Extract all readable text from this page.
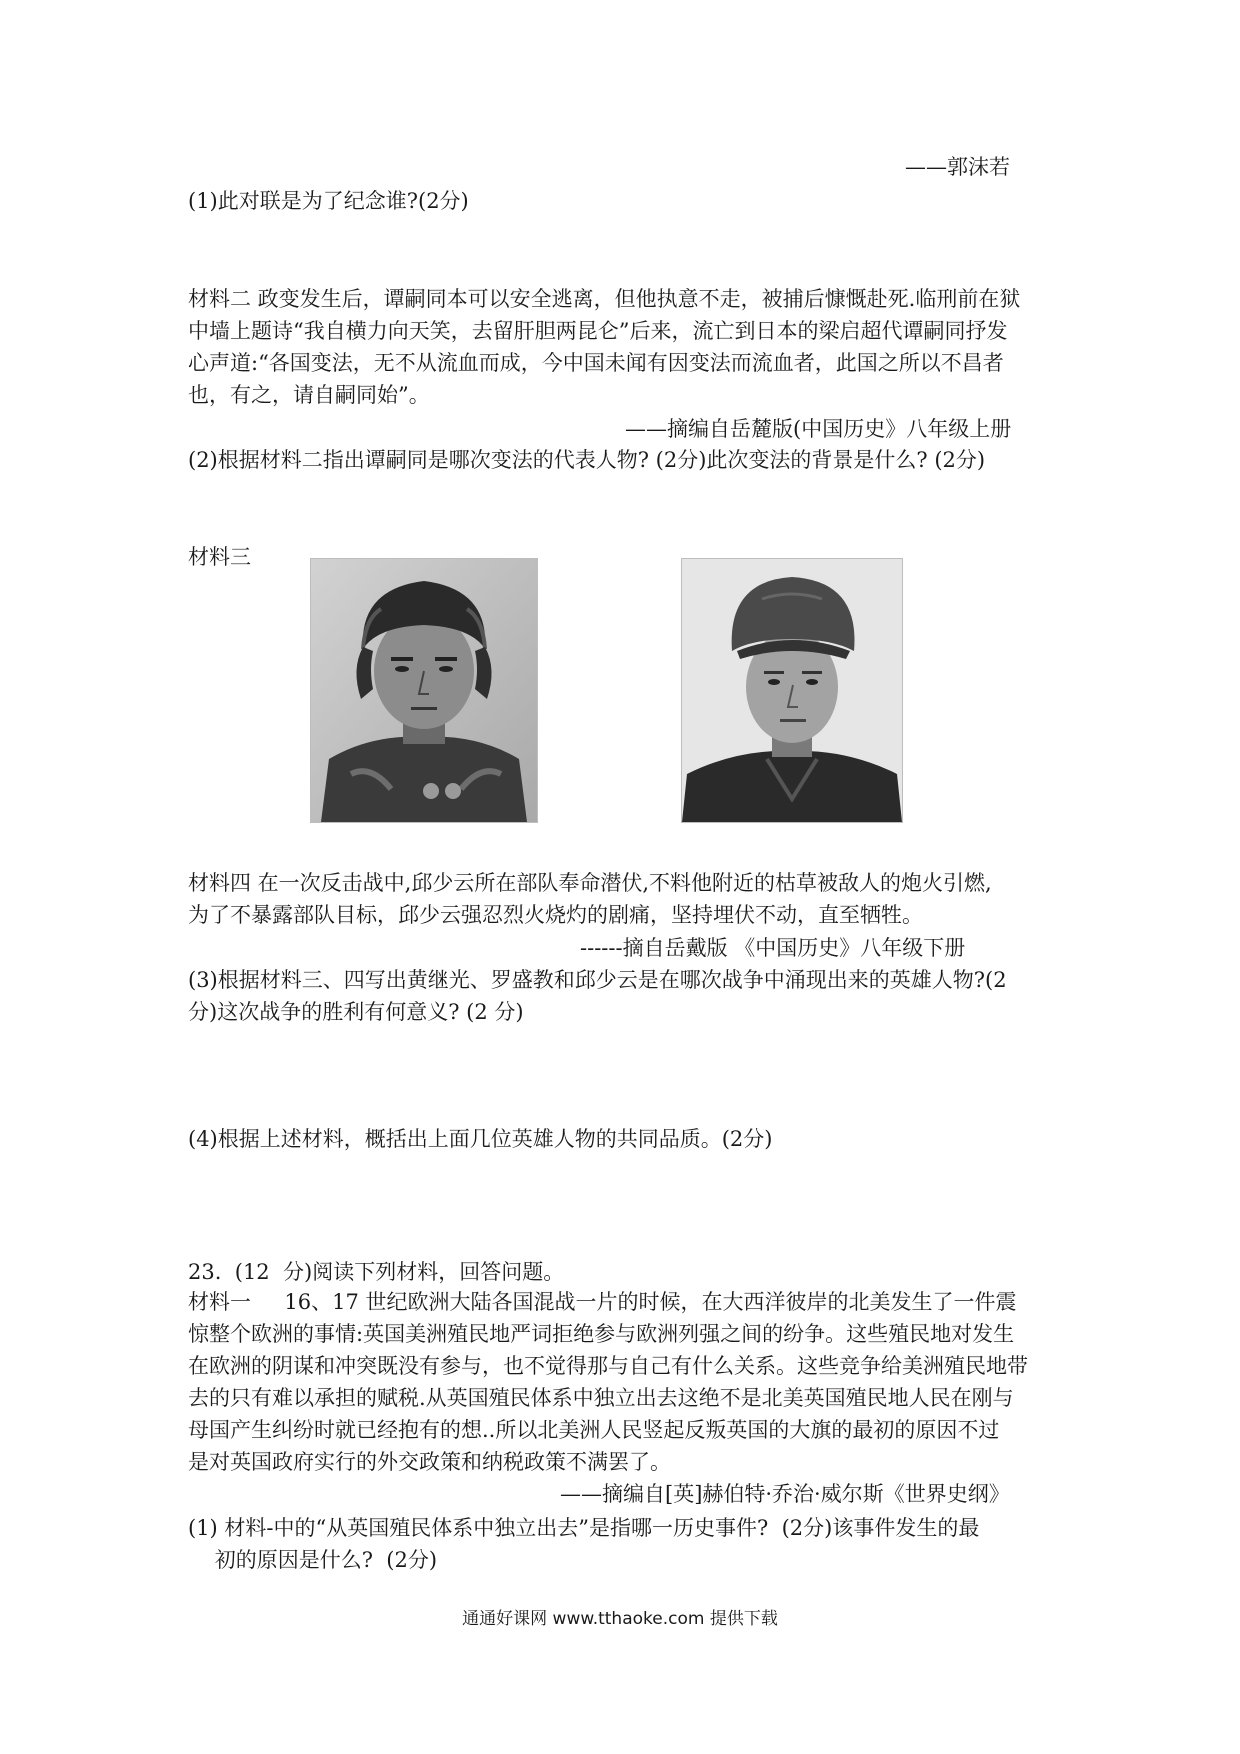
——郭沫若
(1)此对联是为了纪念谁?(2分)
材料二 政变发生后，谭嗣同本可以安全逃离，但他执意不走，被捕后慷慨赴死.临刑前在狱
中墙上题诗“我自横力向天笑，去留肝胆两昆仑”后来，流亡到日本的梁启超代谭嗣同抒发
心声道:“各国变法，无不从流血而成，今中国未闻有因变法而流血者，此国之所以不昌者
也，有之，请自嗣同始”。
——摘编自岳麓版(中国历史》八年级上册
(2)根据材料二指出谭嗣同是哪次变法的代表人物? (2分)此次变法的背景是什么? (2分)
材料三
材料四 在一次反击战中,邱少云所在部队奉命潜伏,不料他附近的枯草被敌人的炮火引燃,
为了不暴露部队目标，邱少云强忍烈火烧灼的剧痛，坚持埋伏不动，直至牺牲。
------摘自岳戴版 《中国历史》八年级下册
(3)根据材料三、四写出黄继光、罗盛教和邱少云是在哪次战争中涌现出来的英雄人物?(2
分)这次战争的胜利有何意义? (2 分)
(4)根据上述材料，概括出上面几位英雄人物的共同品质。(2分)
23.  (12  分)阅读下列材料，回答问题。
材料一     16、17 世纪欧洲大陆各国混战一片的时候，在大西洋彼岸的北美发生了一件震
惊整个欧洲的事情:英国美洲殖民地严词拒绝参与欧洲列强之间的纷争。这些殖民地对发生
在欧洲的阴谋和冲突既没有参与，也不觉得那与自己有什么关系。这些竞争给美洲殖民地带
去的只有难以承担的赋税.从英国殖民体系中独立出去这绝不是北美英国殖民地人民在刚与
母国产生纠纷时就已经抱有的想..所以北美洲人民竖起反叛英国的大旗的最初的原因不过
是对英国政府实行的外交政策和纳税政策不满罢了。
——摘编自[英]赫伯特·乔治·威尔斯《世界史纲》
(1) 材料-中的“从英国殖民体系中独立出去”是指哪一历史事件?  (2分)该事件发生的最
初的原因是什么?  (2分)
通通好课网 www.tthaoke.com 提供下载
